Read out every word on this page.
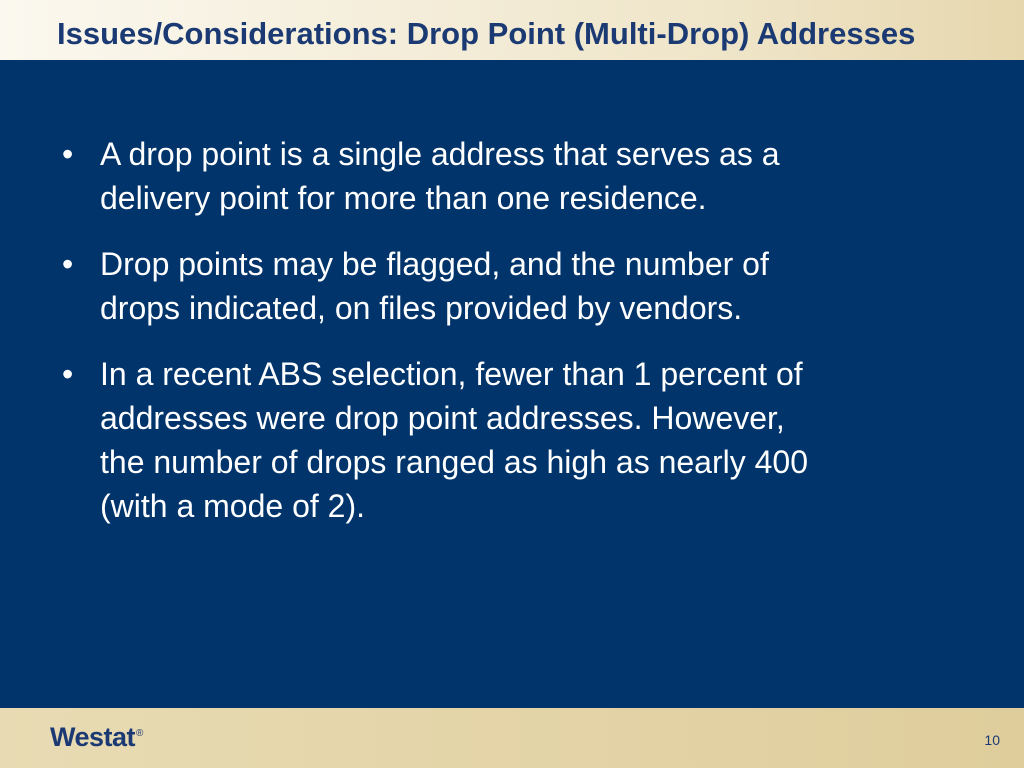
Issues/Considerations: Drop Point (Multi-Drop) Addresses
• A drop point is a single address that serves as a
delivery point for more than one residence.
• Drop points may be flagged, and the number of
drops indicated, on files provided by vendors.
• In a recent ABS selection, fewer than 1 percent of
addresses were drop point addresses. However,
the number of drops ranged as high as nearly 400
(with a mode of 2).
Westat®	10
